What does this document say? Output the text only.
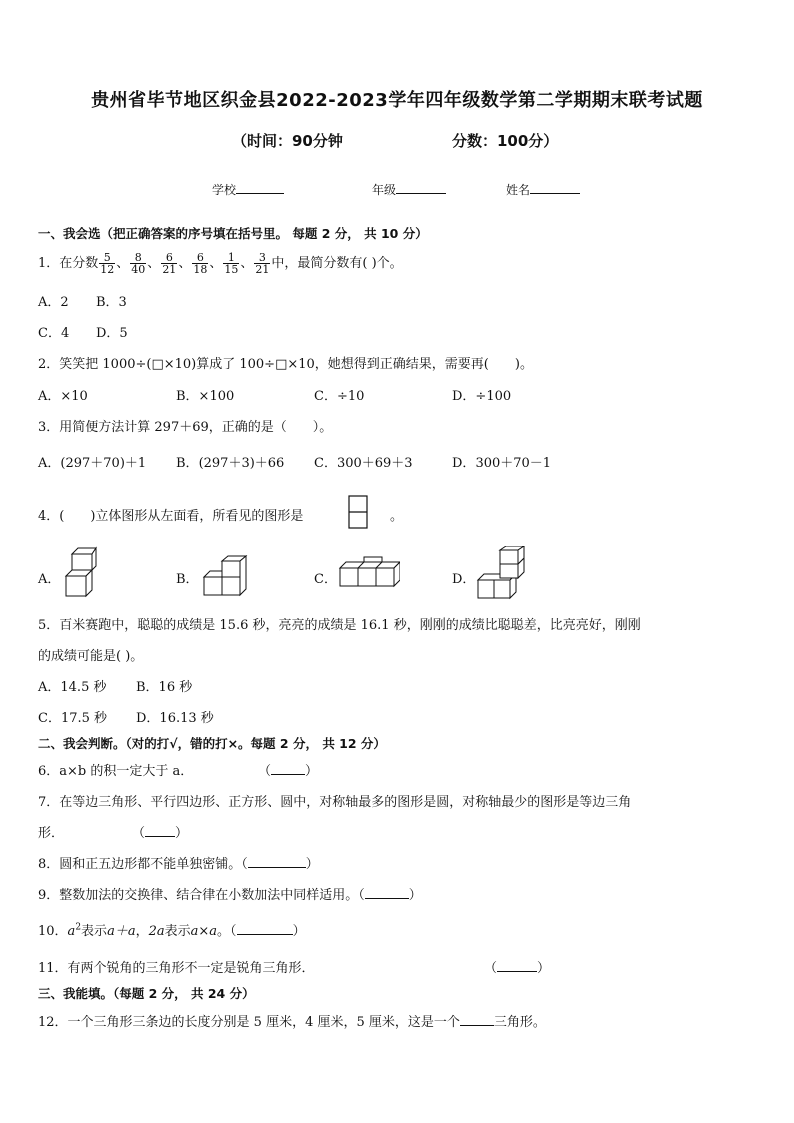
贵州省毕节地区织金县2022-2023学年四年级数学第二学期期末联考试题
（时间：90分钟	分数：100分）
学校	年级	姓名
一、我会选（把正确答案的序号填在括号里。 每题 2 分， 共 10 分）
1．在分数 $\frac{5}{12}$ 、 $\frac{8}{40}$ 、 $\frac{6}{21}$ 、 $\frac{6}{18}$ 、 $\frac{1}{15}$ 、 $\frac{3}{21}$ 中，最简分数有( )个。
A．2 B．3
C．4 D．5
2．笑笑把 1000÷(□×10)算成了 100÷□×10，她想得到正确结果，需要再(　　)。
A．×10	B．×100	C．÷10	D．÷100
3．用简便方法计算 297＋69，正确的是（　　）。
A．(297＋70)＋1 B．(297＋3)＋66 C．300＋69＋3	D．300＋70－1
4．(　　)立体图形从左面看，所看见的图形是	。
A．	B．	C．	D．
5．百米赛跑中，聪聪的成绩是 15.6 秒，亮亮的成绩是 16.1 秒，刚刚的成绩比聪聪差，比亮亮好，刚刚
的成绩可能是( )。
A．14.5 秒 B．16 秒
C．17.5 秒 D．16.13 秒
二、我会判断。（对的打√，错的打×。每题 2 分， 共 12 分）
6．a×b 的积一定大于 a．	（	）
7．在等边三角形、平行四边形、正方形、圆中，对称轴最多的图形是圆，对称轴最少的图形是等边三角
形．	（ ）
8．圆和正五边形都不能单独密铺。（	）
9．整数加法的交换律、结合律在小数加法中同样适用。（	）
10．$a^2$表示a＋a，2a表示a×a。（	）
11．有两个锐角的三角形不一定是锐角三角形．	（	）
三、我能填。（每题 2 分， 共 24 分）
12．一个三角形三条边的长度分别是 5 厘米，4 厘米，5 厘米，这是一个	三角形。
